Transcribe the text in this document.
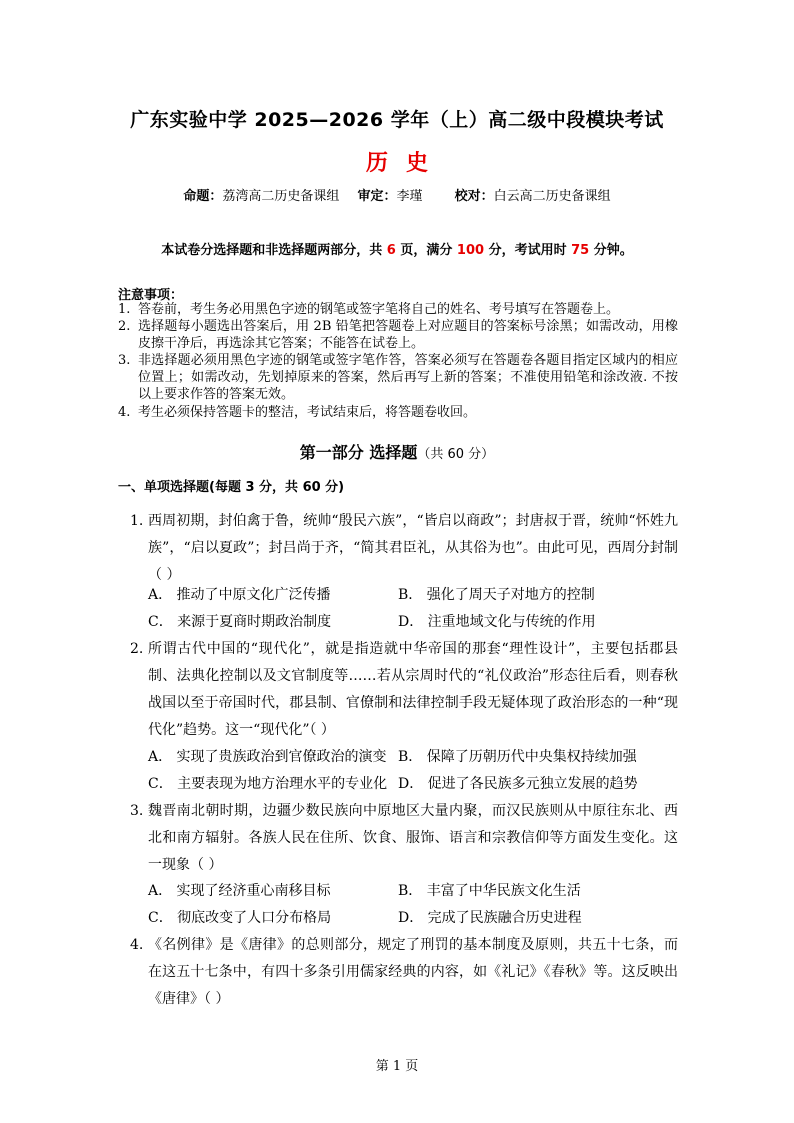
广东实验中学 2025—2026 学年（上）高二级中段模块考试
历史
命题：荔湾高二历史备课组 审定：李瑾 校对：白云高二历史备课组
本试卷分选择题和非选择题两部分，共 6 页，满分 100 分，考试用时 75 分钟。
注意事项：
1. 答卷前，考生务必用黑色字迹的钢笔或签字笔将自己的姓名、考号填写在答题卷上。
2. 选择题每小题选出答案后，用 2B 铅笔把答题卷上对应题目的答案标号涂黑；如需改动，用橡皮擦干净后，再选涂其它答案；不能答在试卷上。
3. 非选择题必须用黑色字迹的钢笔或签字笔作答，答案必须写在答题卷各题目指定区域内的相应位置上；如需改动，先划掉原来的答案，然后再写上新的答案；不准使用铅笔和涂改液. 不按以上要求作答的答案无效。
4. 考生必须保持答题卡的整洁，考试结束后，将答题卷收回。
第一部分 选择题（共 60 分）
一、单项选择题(每题 3 分，共 60 分)
1. 西周初期，封伯禽于鲁，统帅“殷民六族”，“皆启以商政”；封唐叔于晋，统帅“怀姓九族”，“启以夏政”；封吕尚于齐，“简其君臣礼，从其俗为也”。由此可见，西周分封制（ ）
A． 推动了中原文化广泛传播	B． 强化了周天子对地方的控制
C． 来源于夏商时期政治制度	D． 注重地域文化与传统的作用
2. 所谓古代中国的“现代化”，就是指造就中华帝国的那套“理性设计”，主要包括郡县制、法典化控制以及文官制度等……若从宗周时代的“礼仪政治”形态往后看，则春秋战国以至于帝国时代，郡县制、官僚制和法律控制手段无疑体现了政治形态的一种“现代化”趋势。这一“现代化”（ ）
A． 实现了贵族政治到官僚政治的演变 B． 保障了历朝历代中央集权持续加强
C． 主要表现为地方治理水平的专业化 D． 促进了各民族多元独立发展的趋势
3. 魏晋南北朝时期，边疆少数民族向中原地区大量内聚，而汉民族则从中原往东北、西北和南方辐射。各族人民在住所、饮食、服饰、语言和宗教信仰等方面发生变化。这一现象（ ）
A． 实现了经济重心南移目标	B． 丰富了中华民族文化生活
C． 彻底改变了人口分布格局	D． 完成了民族融合历史进程
4. 《名例律》是《唐律》的总则部分，规定了刑罚的基本制度及原则，共五十七条，而在这五十七条中，有四十多条引用儒家经典的内容，如《礼记》《春秋》等。这反映出《唐律》（ ）
第 1 页
